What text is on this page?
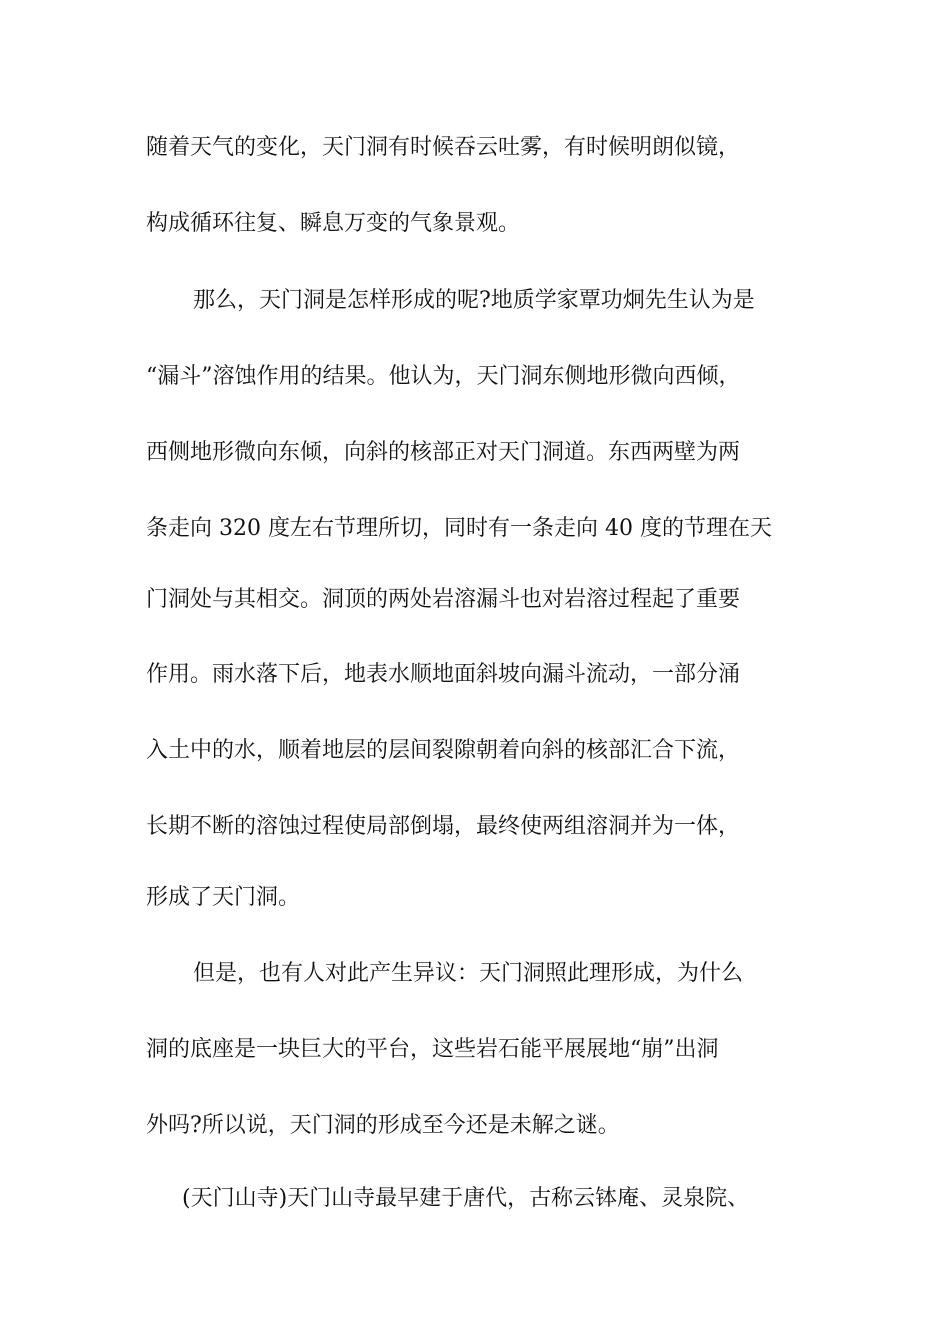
随着天气的变化，天门洞有时候吞云吐雾，有时候明朗似镜，
构成循环往复、瞬息万变的气象景观。
那么，天门洞是怎样形成的呢?地质学家覃功炯先生认为是
“漏斗”溶蚀作用的结果。他认为，天门洞东侧地形微向西倾，
西侧地形微向东倾，向斜的核部正对天门洞道。东西两壁为两
条走向 320 度左右节理所切，同时有一条走向 40 度的节理在天
门洞处与其相交。洞顶的两处岩溶漏斗也对岩溶过程起了重要
作用。雨水落下后，地表水顺地面斜坡向漏斗流动，一部分涌
入土中的水，顺着地层的层间裂隙朝着向斜的核部汇合下流，
长期不断的溶蚀过程使局部倒塌，最终使两组溶洞并为一体，
形成了天门洞。
但是，也有人对此产生异议：天门洞照此理形成，为什么
洞的底座是一块巨大的平台，这些岩石能平展展地“崩”出洞
外吗?所以说，天门洞的形成至今还是未解之谜。
(天门山寺)天门山寺最早建于唐代，古称云钵庵、灵泉院、
